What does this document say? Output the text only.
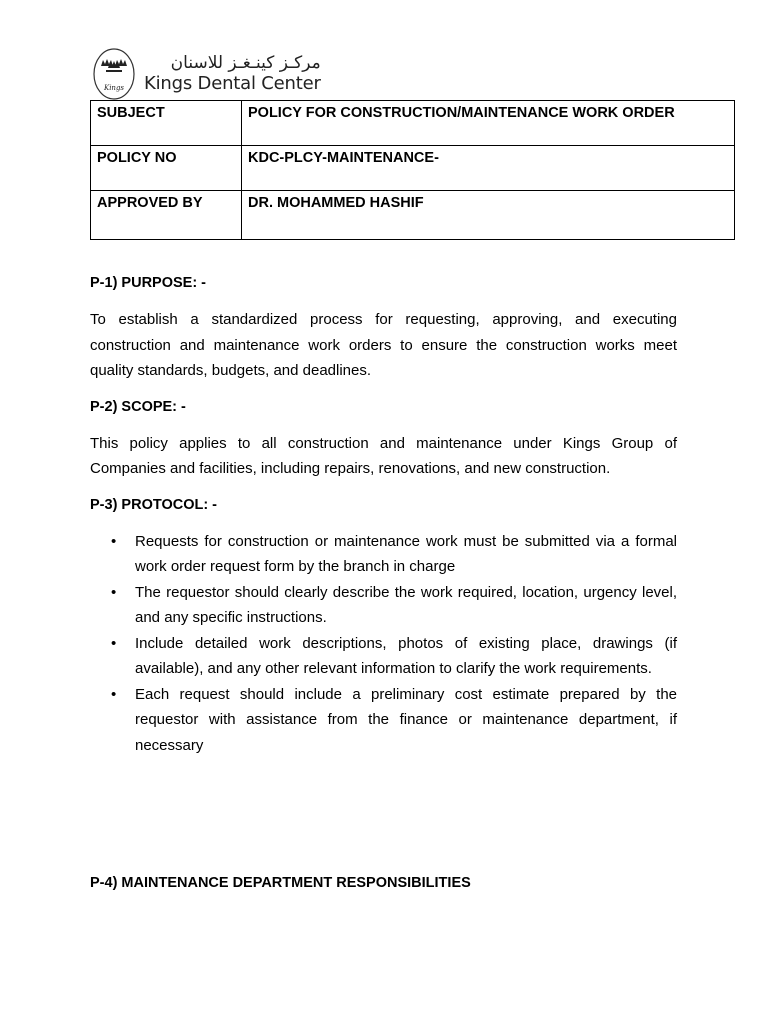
Kings
مركـز كينـغـز للاسنان
Kings Dental Center
SUBJECT	POLICY FOR CONSTRUCTION/MAINTENANCE WORK ORDER
POLICY NO	KDC-PLCY-MAINTENANCE-
APPROVED BY	DR. MOHAMMED HASHIF

P-1) PURPOSE: -

To establish a standardized process for requesting, approving, and executing construction and maintenance work orders to ensure the construction works meet quality standards, budgets, and deadlines.

P-2) SCOPE: -

This policy applies to all construction and maintenance under Kings Group of Companies and facilities, including repairs, renovations, and new construction.

P-3) PROTOCOL: -

• Requests for construction or maintenance work must be submitted via a formal work order request form by the branch in charge
• The requestor should clearly describe the work required, location, urgency level, and any specific instructions.
• Include detailed work descriptions, photos of existing place, drawings (if available), and any other relevant information to clarify the work requirements.
• Each request should include a preliminary cost estimate prepared by the requestor with assistance from the finance or maintenance department, if necessary

P-4) MAINTENANCE DEPARTMENT RESPONSIBILITIES
